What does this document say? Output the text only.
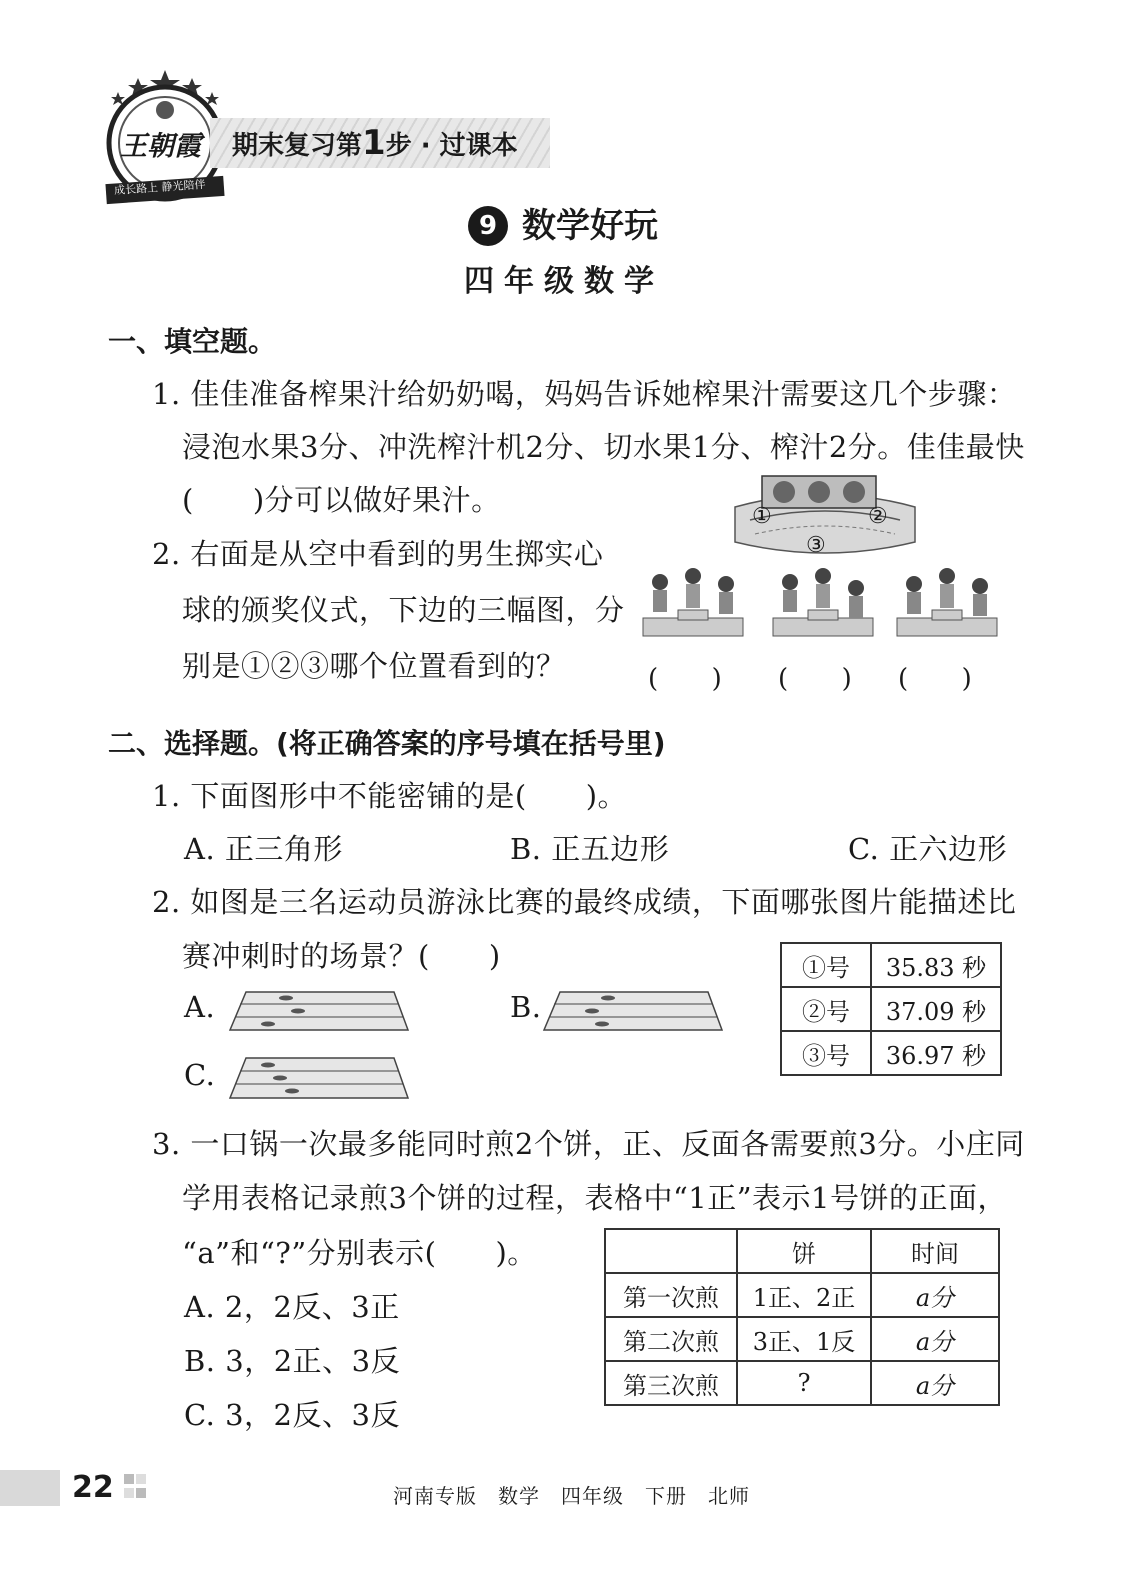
王朝霞
成长路上 静光陪伴
期末复习第1步 · 过课本
9 数学好玩
四年级数学
一、填空题。
1. 佳佳准备榨果汁给奶奶喝，妈妈告诉她榨果汁需要这几个步骤：
浸泡水果3分、冲洗榨汁机2分、切水果1分、榨汁2分。佳佳最快
(　　)分可以做好果汁。
2. 右面是从空中看到的男生掷实心
球的颁奖仪式，下边的三幅图，分
别是①②③哪个位置看到的？
①	②
③
(　　) (　　) (　　)
二、选择题。(将正确答案的序号填在括号里)
1. 下面图形中不能密铺的是(　　)。
A. 正三角形	B. 正五边形	C. 正六边形
2. 如图是三名运动员游泳比赛的最终成绩，下面哪张图片能描述比
赛冲刺时的场景？(　　)
A.	B.
C.
①号	35.83 秒
②号	37.09 秒
③号	36.97 秒
3. 一口锅一次最多能同时煎2个饼，正、反面各需要煎3分。小庄同
学用表格记录煎3个饼的过程，表格中“1正”表示1号饼的正面，
“a”和“?”分别表示(　　)。
A. 2，2反、3正
B. 3，2正、3反
C. 3，2反、3反
	饼	时间
第一次煎	1正、2正	a分
第二次煎	3正、1反	a分
第三次煎	?	a分
22	河南专版　数学　四年级　下册　北师
